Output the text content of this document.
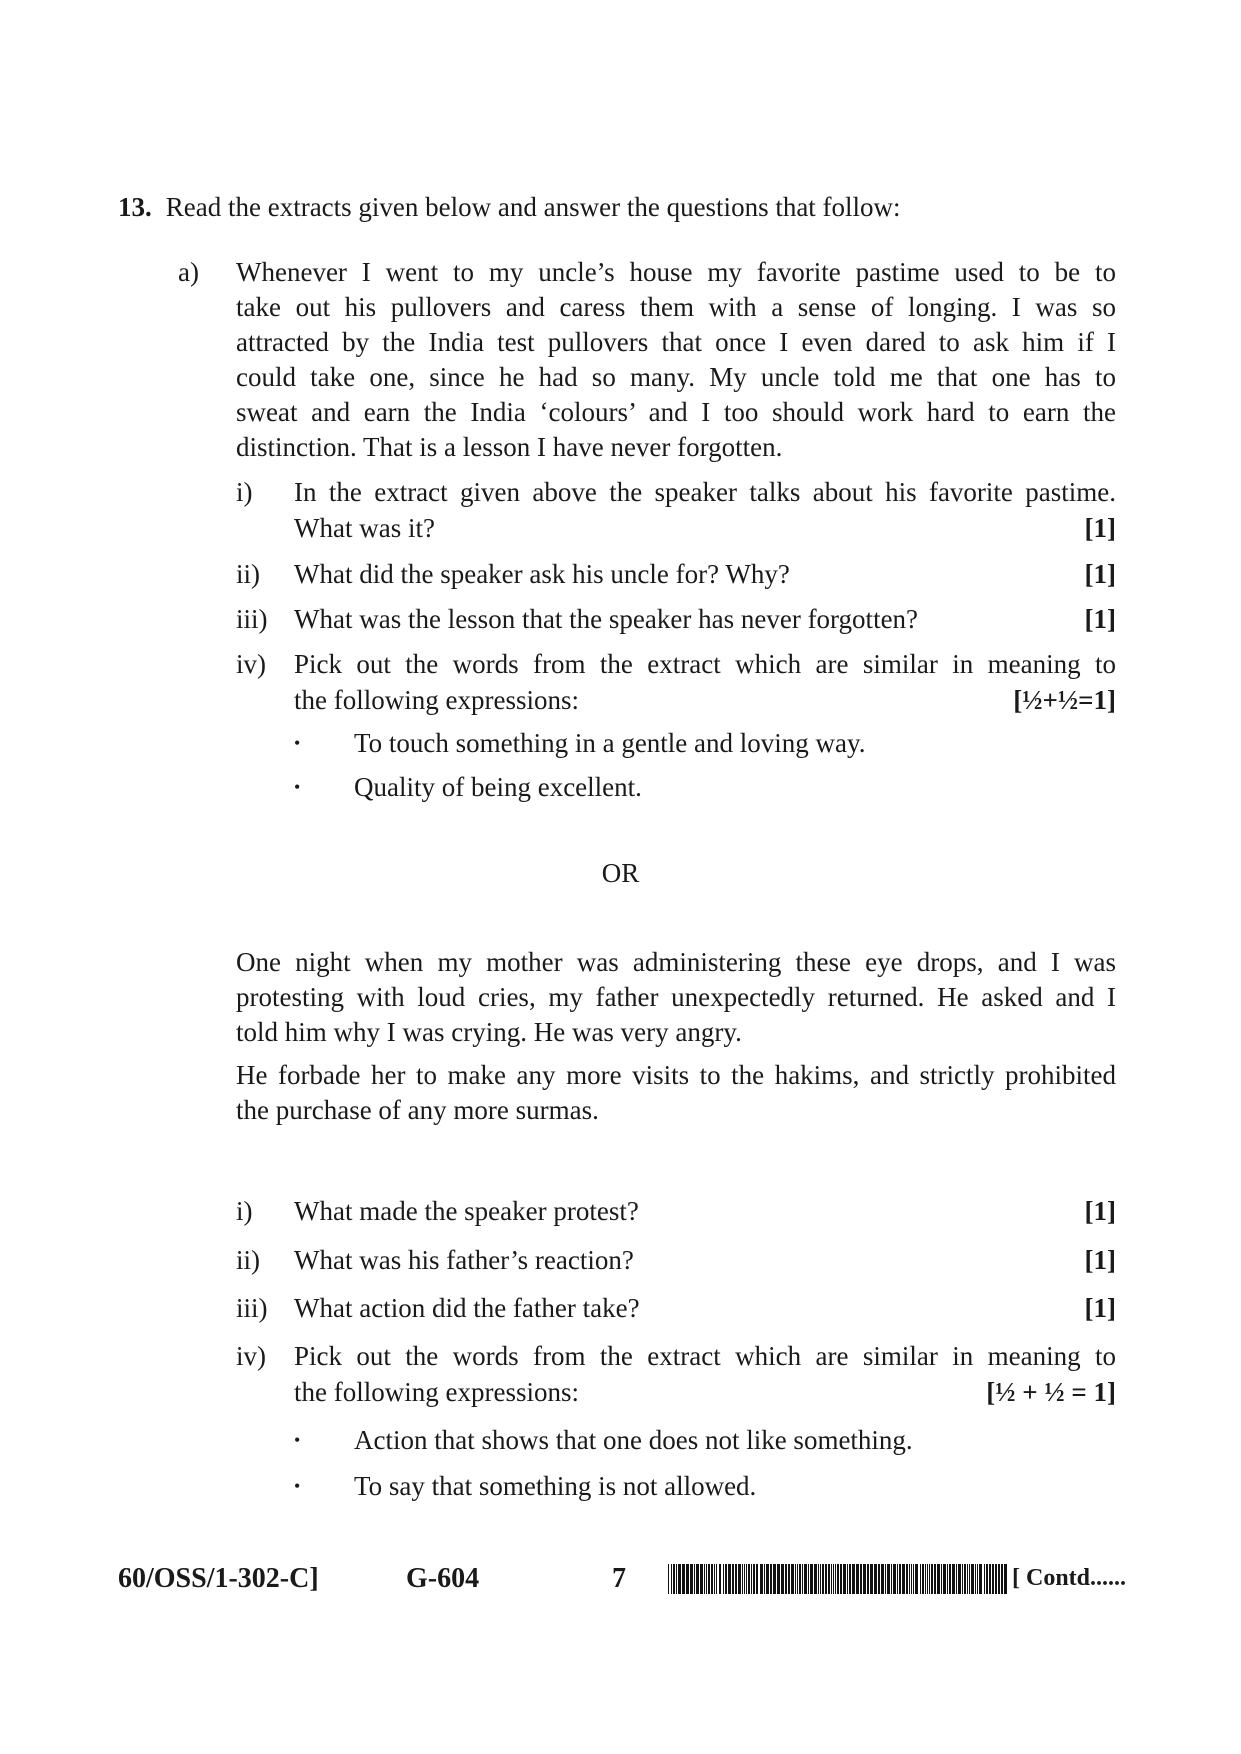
13. Read the extracts given below and answer the questions that follow:
a) Whenever I went to my uncle’s house my favorite pastime used to be to
take out his pullovers and caress them with a sense of longing. I was so
attracted by the India test pullovers that once I even dared to ask him if I
could take one, since he had so many. My uncle told me that one has to
sweat and earn the India ‘colours’ and I too should work hard to earn the
distinction. That is a lesson I have never forgotten.
i) In the extract given above the speaker talks about his favorite pastime.
What was it?	[1]
ii) What did the speaker ask his uncle for? Why?	[1]
iii) What was the lesson that the speaker has never forgotten?	[1]
iv) Pick out the words from the extract which are similar in meaning to
the following expressions:	[½+½=1]
• To touch something in a gentle and loving way.
• Quality of being excellent.
OR
One night when my mother was administering these eye drops, and I was
protesting with loud cries, my father unexpectedly returned. He asked and I
told him why I was crying. He was very angry.
He forbade her to make any more visits to the hakims, and strictly prohibited
the purchase of any more surmas.
i) What made the speaker protest?	[1]
ii) What was his father’s reaction?	[1]
iii) What action did the father take?	[1]
iv) Pick out the words from the extract which are similar in meaning to
the following expressions:	[½ + ½ = 1]
• Action that shows that one does not like something.
• To say that something is not allowed.
60/OSS/1-302-C]	G-604	7	[ Contd......
